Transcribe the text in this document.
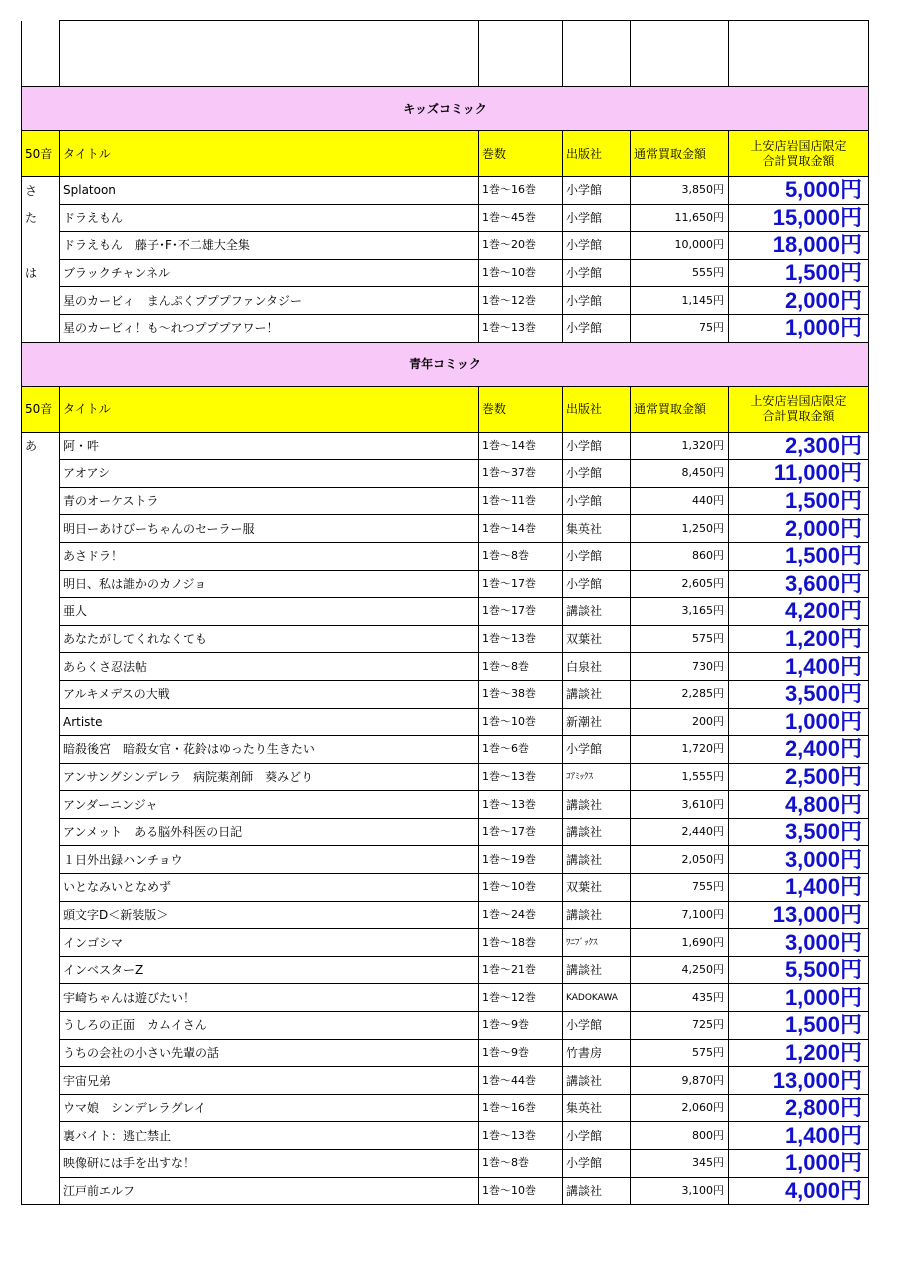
キッズコミック					
50音	タイトル	巻数	出版社	通常買取金額	上安店岩国店限定
合計買取金額

さ	Splatoon	1巻～16巻	小学館	3,850円	5,000円
た	ドラえもん	1巻～45巻	小学館	11,650円	15,000円
	ドラえもん　藤子･F･不二雄大全集	1巻～20巻	小学館	10,000円	18,000円
は	ブラックチャンネル	1巻～10巻	小学館	555円	1,500円
	星のカービィ　まんぷくプププファンタジー	1巻～12巻	小学館	1,145円	2,000円
	星のカービィ！も～れつプププアワー！	1巻～13巻	小学館	75円	1,000円
青年コミック					
50音	タイトル	巻数	出版社	通常買取金額	上安店岩国店限定
合計買取金額

あ	阿・吽	1巻～14巻	小学館	1,320円	2,300円
	アオアシ	1巻～37巻	小学館	8,450円	11,000円
	青のオーケストラ	1巻～11巻	小学館	440円	1,500円
	明日ーあけびーちゃんのセーラー服	1巻～14巻	集英社	1,250円	2,000円
	あさドラ！	1巻～8巻	小学館	860円	1,500円
	明日、私は誰かのカノジョ	1巻～17巻	小学館	2,605円	3,600円
	亜人	1巻～17巻	講談社	3,165円	4,200円
	あなたがしてくれなくても	1巻～13巻	双葉社	575円	1,200円
	あらくさ忍法帖	1巻～8巻	白泉社	730円	1,400円
	アルキメデスの大戦	1巻～38巻	講談社	2,285円	3,500円
	Artiste	1巻～10巻	新潮社	200円	1,000円
	暗殺後宮　暗殺女官・花鈴はゆったり生きたい	1巻～6巻	小学館	1,720円	2,400円
	アンサングシンデレラ　病院薬剤師　葵みどり	1巻～13巻	ｺｱﾐｯｸｽ	1,555円	2,500円
	アンダーニンジャ	1巻～13巻	講談社	3,610円	4,800円
	アンメット　ある脳外科医の日記	1巻～17巻	講談社	2,440円	3,500円
	１日外出録ハンチョウ	1巻～19巻	講談社	2,050円	3,000円
	いとなみいとなめず	1巻～10巻	双葉社	755円	1,400円
	頭文字D＜新装版＞	1巻～24巻	講談社	7,100円	13,000円
	インゴシマ	1巻～18巻	ﾜﾆﾌﾞｯｸｽ	1,690円	3,000円
	インベスターZ	1巻～21巻	講談社	4,250円	5,500円
	宇崎ちゃんは遊びたい！	1巻～12巻	KADOKAWA	435円	1,000円
	うしろの正面　カムイさん	1巻～9巻	小学館	725円	1,500円
	うちの会社の小さい先輩の話	1巻～9巻	竹書房	575円	1,200円
	宇宙兄弟	1巻～44巻	講談社	9,870円	13,000円
	ウマ娘　シンデレラグレイ	1巻～16巻	集英社	2,060円	2,800円
	裏バイト：逃亡禁止	1巻～13巻	小学館	800円	1,400円
	映像研には手を出すな！	1巻～8巻	小学館	345円	1,000円
	江戸前エルフ	1巻～10巻	講談社	3,100円	4,000円
